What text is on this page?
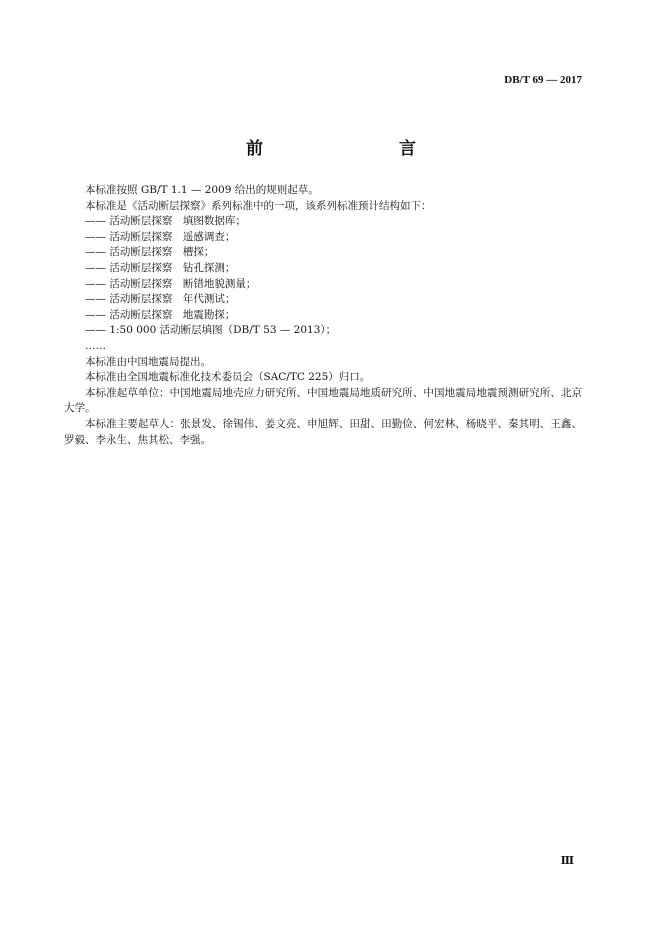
DB/T 69 — 2017
前　　言

本标准按照 GB/T 1.1 — 2009 给出的规则起草。

本标准是《活动断层探察》系列标准中的一项，该系列标准预计结构如下：

—— 活动断层探察　填图数据库；

—— 活动断层探察　遥感调查；

—— 活动断层探察　槽探；

—— 活动断层探察　钻孔探测；

—— 活动断层探察　断错地貌测量；

—— 活动断层探察　年代测试；

—— 活动断层探察　地震勘探；

—— 1:50 000 活动断层填图（DB/T 53 — 2013）；

……

本标准由中国地震局提出。

本标准由全国地震标准化技术委员会（SAC/TC 225）归口。

本标准起草单位：中国地震局地壳应力研究所、中国地震局地质研究所、中国地震局地震预测研究所、北京大学。

本标准主要起草人：张景发、徐锡伟、姜文亮、申旭辉、田甜、田勤俭、何宏林、杨晓平、秦其明、王鑫、罗毅、李永生、焦其松、李强。

Ⅲ
